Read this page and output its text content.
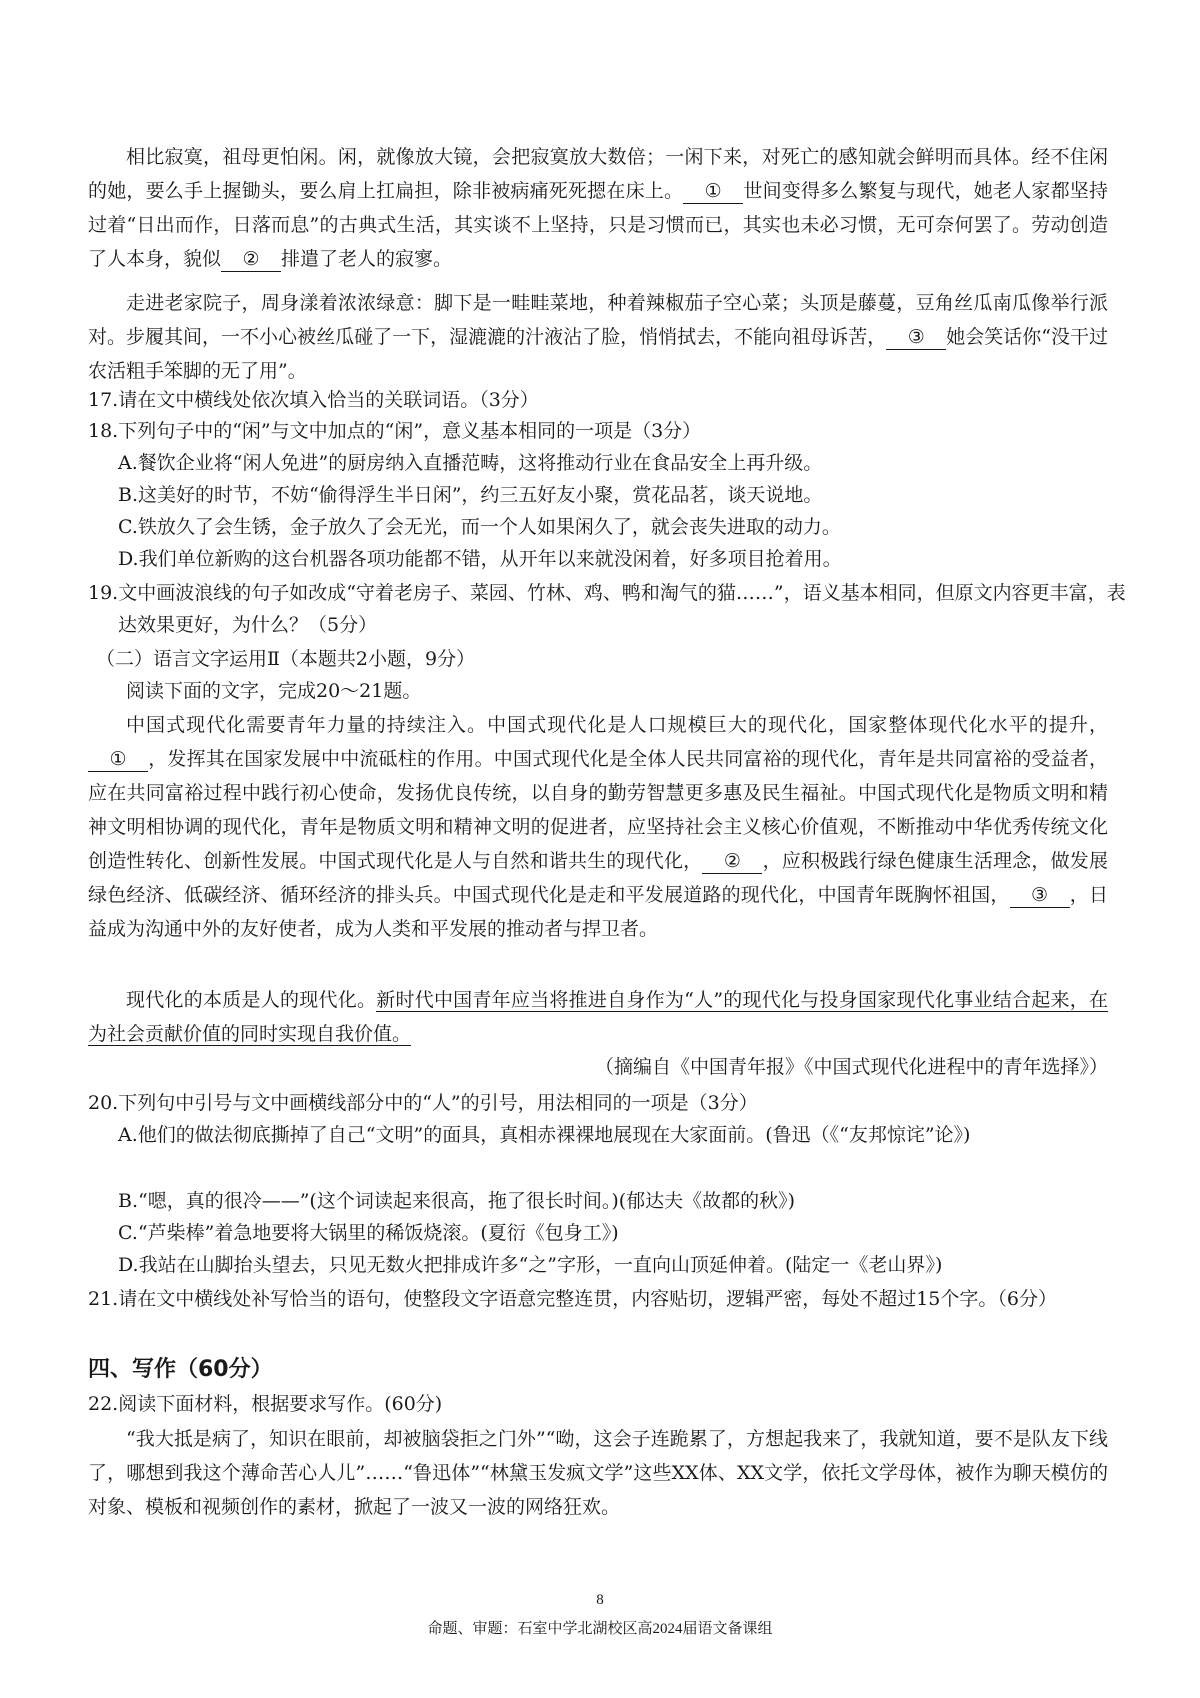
相比寂寞，祖母更怕闲。闲，就像放大镜，会把寂寞放大数倍；一闲下来，对死亡的感知就会鲜明而具体。经不住闲的她，要么手上握锄头，要么肩上扛扁担，除非被病痛死死摁在床上。 ① 世间变得多么繁复与现代，她老人家都坚持过着“日出而作，日落而息”的古典式生活，其实谈不上坚持，只是习惯而已，其实也未必习惯，无可奈何罢了。劳动创造了人本身，貌似 ② 排遣了老人的寂寥。

走进老家院子，周身漾着浓浓绿意：脚下是一畦畦菜地，种着辣椒茄子空心菜；头顶是藤蔓，豆角丝瓜南瓜像举行派对。步履其间，一不小心被丝瓜碰了一下，湿漉漉的汁液沾了脸，悄悄拭去，不能向祖母诉苦， ③ 她会笑话你“没干过农活粗手笨脚的无了用”。

17.请在文中横线处依次填入恰当的关联词语。（3分）

18.下列句子中的“闲”与文中加点的“闲”，意义基本相同的一项是（3分）

A.餐饮企业将“闲人免进”的厨房纳入直播范畴，这将推动行业在食品安全上再升级。

B.这美好的时节，不妨“偷得浮生半日闲”，约三五好友小聚，赏花品茗，谈天说地。

C.铁放久了会生锈，金子放久了会无光，而一个人如果闲久了，就会丧失进取的动力。

D.我们单位新购的这台机器各项功能都不错，从开年以来就没闲着，好多项目抢着用。

19.文中画波浪线的句子如改成“守着老房子、菜园、竹林、鸡、鸭和淘气的猫……”，语义基本相同，但原文内容更丰富，表达效果更好，为什么？（5分）

（二）语言文字运用Ⅱ（本题共2小题，9分）

阅读下面的文字，完成20～21题。

中国式现代化需要青年力量的持续注入。中国式现代化是人口规模巨大的现代化，国家整体现代化水平的提升，① ，发挥其在国家发展中中流砥柱的作用。中国式现代化是全体人民共同富裕的现代化，青年是共同富裕的受益者，应在共同富裕过程中践行初心使命，发扬优良传统，以自身的勤劳智慧更多惠及民生福祉。中国式现代化是物质文明和精神文明相协调的现代化，青年是物质文明和精神文明的促进者，应坚持社会主义核心价值观，不断推动中华优秀传统文化创造性转化、创新性发展。中国式现代化是人与自然和谐共生的现代化， ② ，应积极践行绿色健康生活理念，做发展绿色经济、低碳经济、循环经济的排头兵。中国式现代化是走和平发展道路的现代化，中国青年既胸怀祖国， ③ ，日益成为沟通中外的友好使者，成为人类和平发展的推动者与捍卫者。

现代化的本质是人的现代化。新时代中国青年应当将推进自身作为“人”的现代化与投身国家现代化事业结合起来，在为社会贡献价值的同时实现自我价值。

（摘编自《中国青年报》《中国式现代化进程中的青年选择》）

20.下列句中引号与文中画横线部分中的“人”的引号，用法相同的一项是（3分）

A.他们的做法彻底撕掉了自己“文明”的面具，真相赤裸裸地展现在大家面前。(鲁迅（《“友邦惊诧”论》)

B.“嗯，真的很冷——”(这个词读起来很高，拖了很长时间。)(郁达夫《故都的秋》)

C.“芦柴棒”着急地要将大锅里的稀饭烧滚。(夏衍《包身工》)

D.我站在山脚抬头望去，只见无数火把排成许多“之”字形，一直向山顶延伸着。(陆定一《老山界》)

21.请在文中横线处补写恰当的语句，使整段文字语意完整连贯，内容贴切，逻辑严密，每处不超过15个字。（6分）

四、写作（60分）

22.阅读下面材料，根据要求写作。(60分)

“我大抵是病了，知识在眼前，却被脑袋拒之门外”“呦，这会子连跪累了，方想起我来了，我就知道，要不是队友下线了，哪想到我这个薄命苦心人儿”……“鲁迅体”“林黛玉发疯文学”这些XX体、XX文学，依托文学母体，被作为聊天模仿的对象、模板和视频创作的素材，掀起了一波又一波的网络狂欢。

8
命题、审题：石室中学北湖校区高2024届语文备课组
